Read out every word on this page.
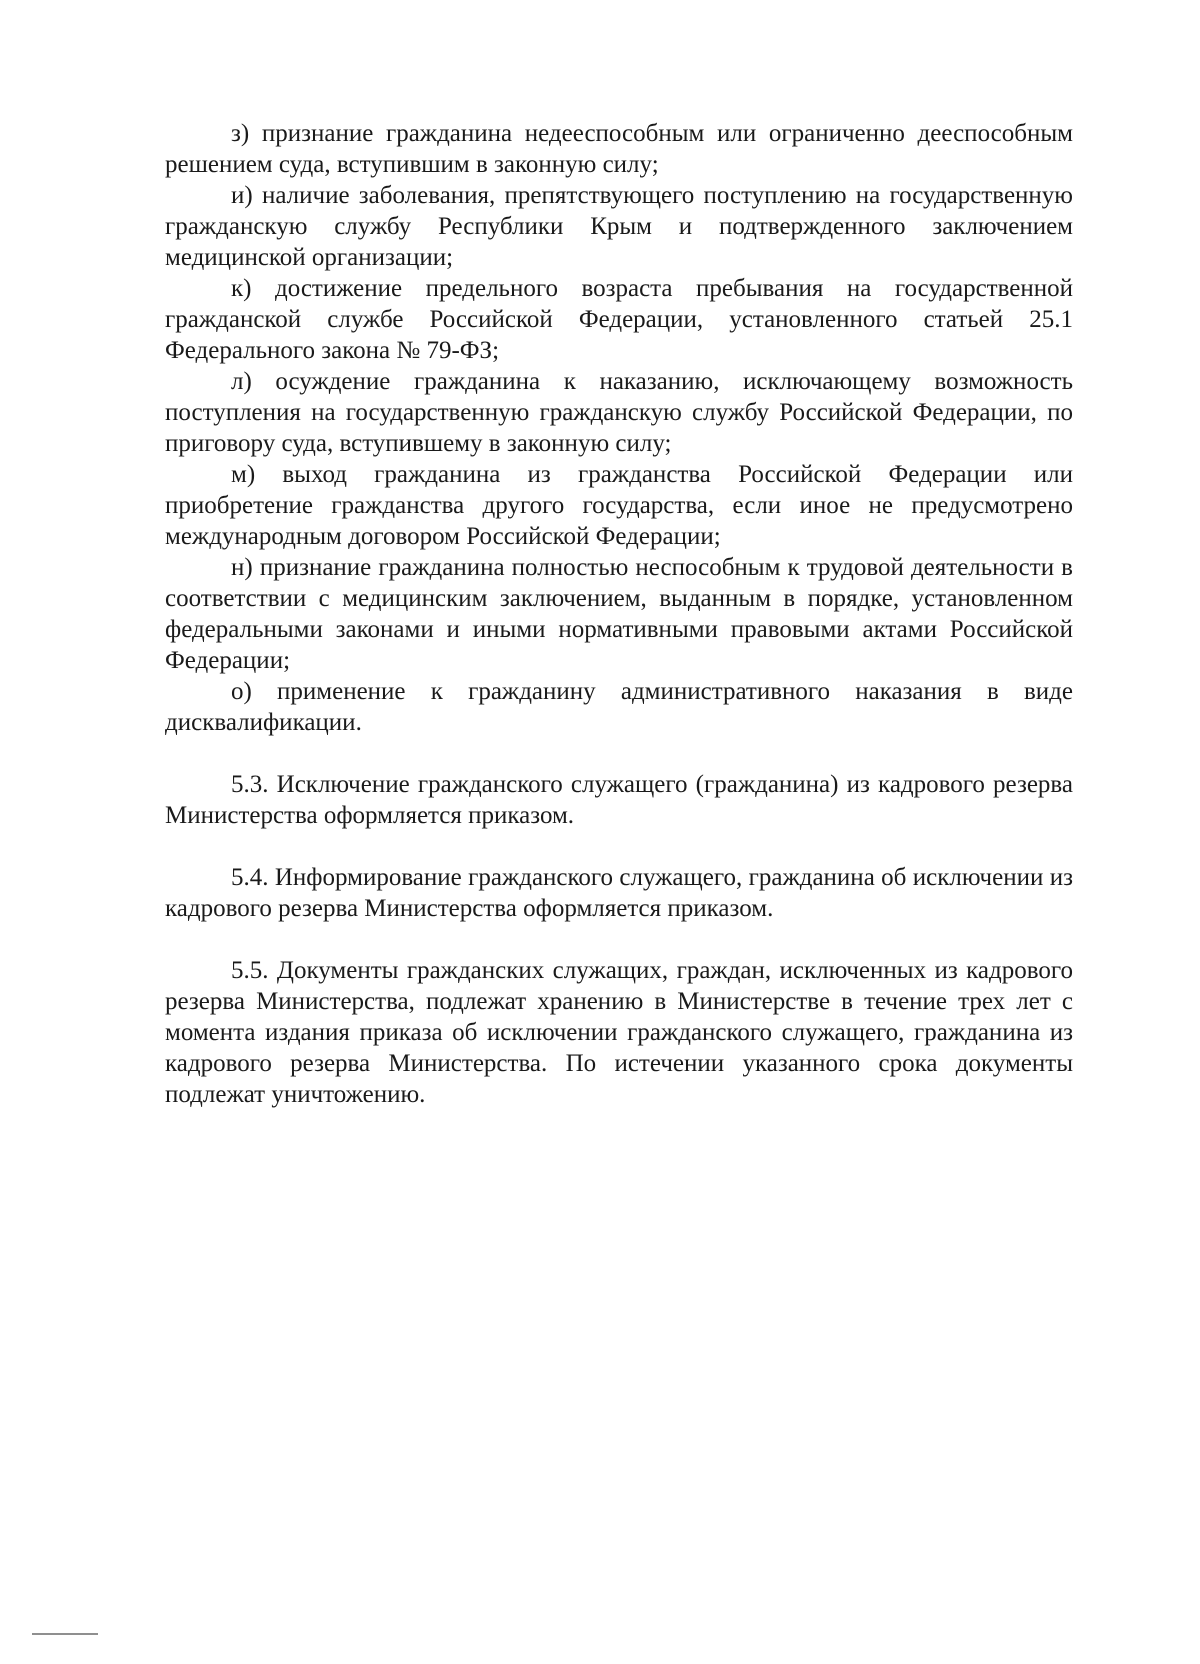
з) признание гражданина недееспособным или ограниченно дееспособным решением суда, вступившим в законную силу;

и) наличие заболевания, препятствующего поступлению на государственную гражданскую службу Республики Крым и подтвержденного заключением медицинской организации;

к) достижение предельного возраста пребывания на государственной гражданской службе Российской Федерации, установленного статьей 25.1 Федерального закона № 79-ФЗ;

л) осуждение гражданина к наказанию, исключающему возможность поступления на государственную гражданскую службу Российской Федерации, по приговору суда, вступившему в законную силу;

м) выход гражданина из гражданства Российской Федерации или приобретение гражданства другого государства, если иное не предусмотрено международным договором Российской Федерации;

н) признание гражданина полностью неспособным к трудовой деятельности в соответствии с медицинским заключением, выданным в порядке, установленном федеральными законами и иными нормативными правовыми актами Российской Федерации;

о) применение к гражданину административного наказания в виде дисквалификации.

5.3. Исключение гражданского служащего (гражданина) из кадрового резерва Министерства оформляется приказом.

5.4. Информирование гражданского служащего, гражданина об исключении из кадрового резерва Министерства оформляется приказом.

5.5. Документы гражданских служащих, граждан, исключенных из кадрового резерва Министерства, подлежат хранению в Министерстве в течение трех лет с момента издания приказа об исключении гражданского служащего, гражданина из кадрового резерва Министерства. По истечении указанного срока документы подлежат уничтожению.
